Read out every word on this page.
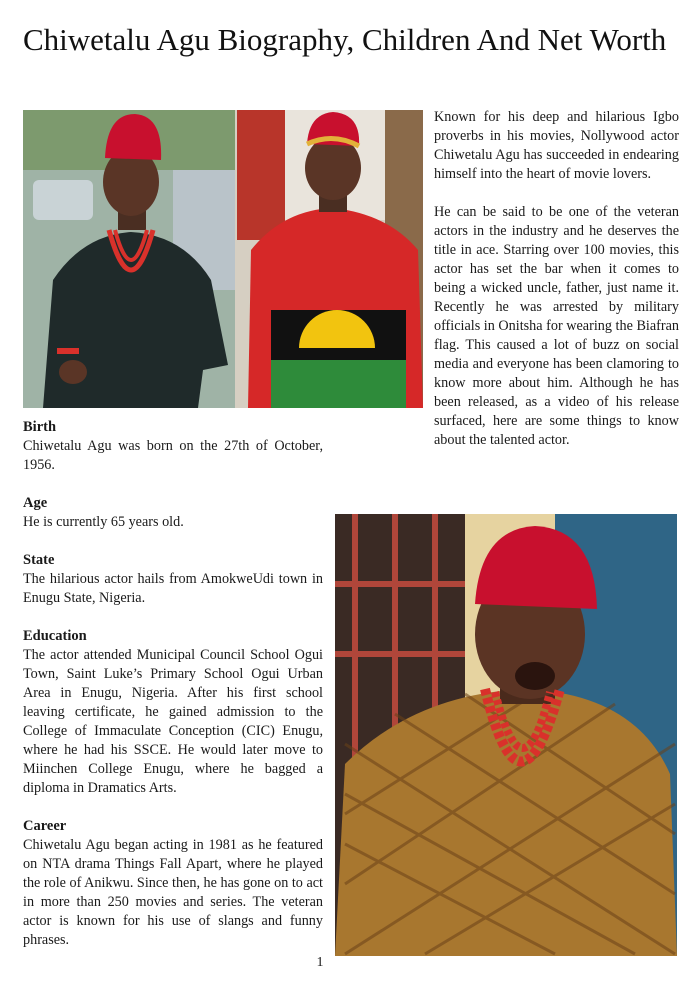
Chiwetalu Agu Biography, Children And Net Worth

Known for his deep and hilarious Igbo proverbs in his movies, Nollywood actor Chiwetalu Agu has succeeded in endearing himself into the heart of movie lovers.

He can be said to be one of the veteran actors in the industry and he deserves the title in ace. Starring over 100 movies, this actor has set the bar when it comes to being a wicked uncle, father, just name it. Recently he was arrested by military officials in Onitsha for wearing the Biafran flag. This caused a lot of buzz on social media and everyone has been clamoring to know more about him. Although he has been released, as a video of his release surfaced, here are some things to know about the talented actor.

Birth

Chiwetalu Agu was born on the 27th of October, 1956.

Age

He is currently 65 years old.

State

The hilarious actor hails from AmokweUdi town in Enugu State, Nigeria.

Education

The actor attended Municipal Council School Ogui Town, Saint Luke’s Primary School Ogui Urban Area in Enugu, Nigeria. After his first school leaving certificate, he gained admission to the College of Immaculate Conception (CIC) Enugu, where he had his SSCE. He would later move to Miinchen College Enugu, where he bagged a diploma in Dramatics Arts.

Career

Chiwetalu Agu began acting in 1981 as he featured on NTA drama Things Fall Apart, where he played the role of Anikwu. Since then, he has gone on to act in more than 250 movies and series. The veteran actor is known for his use of slangs and funny phrases.

1
